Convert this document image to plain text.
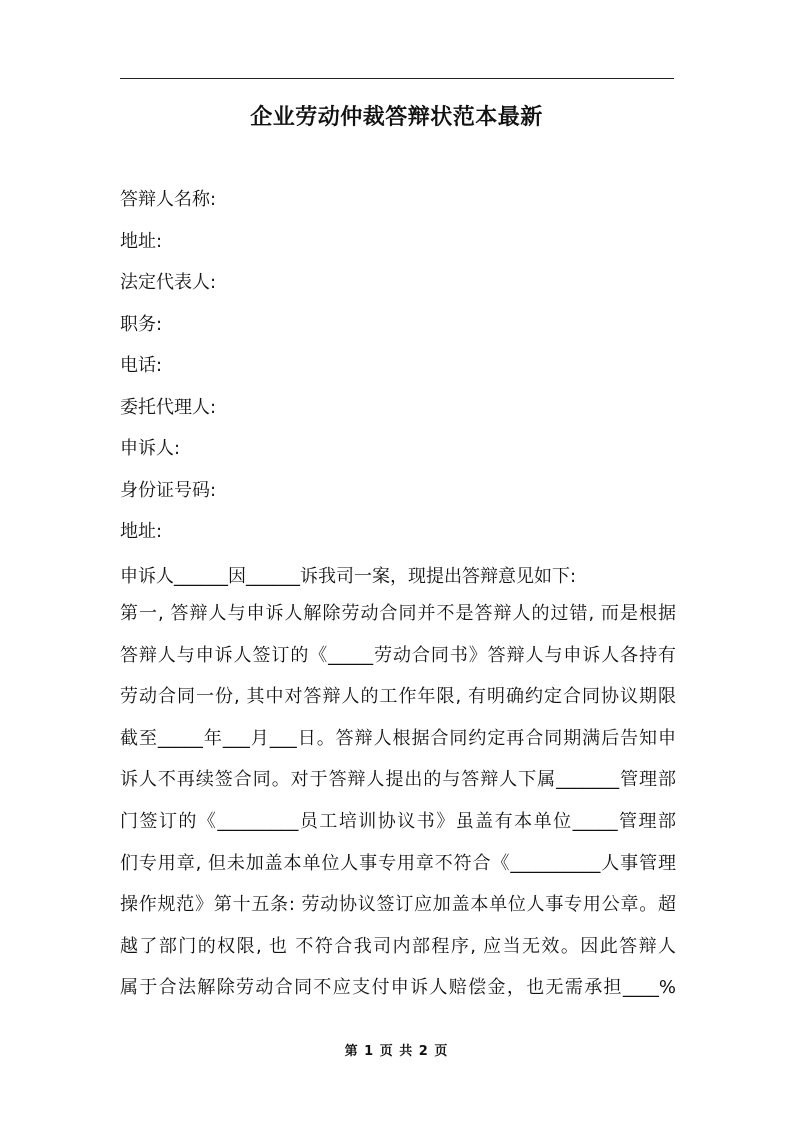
企业劳动仲裁答辩状范本最新
答辩人名称:
地址:
法定代表人:
职务:
电话:
委托代理人:
申诉人:
身份证号码:
地址:
申诉人______因______诉我司一案，现提出答辩意见如下:
第一, 答辩人与申诉人解除劳动合同并不是答辩人的过错, 而是根据
答辩人与申诉人签订的《_____劳动合同书》答辩人与申诉人各持有
劳动合同一份, 其中对答辩人的工作年限, 有明确约定合同协议期限
截至_____年___月___日。答辩人根据合同约定再合同期满后告知申
诉人不再续签合同。对于答辩人提出的与答辩人下属_______管理部
门签订的《_________员工培训协议书》虽盖有本单位_____管理部
们专用章, 但未加盖本单位人事专用章不符合《__________人事管理
操作规范》第十五条: 劳动协议签订应加盖本单位人事专用公章。超
越了部门的权限, 也 不符合我司内部程序, 应当无效。因此答辩人
属于合法解除劳动合同不应支付申诉人赔偿金，也无需承担____%
第 1 页 共 2 页
